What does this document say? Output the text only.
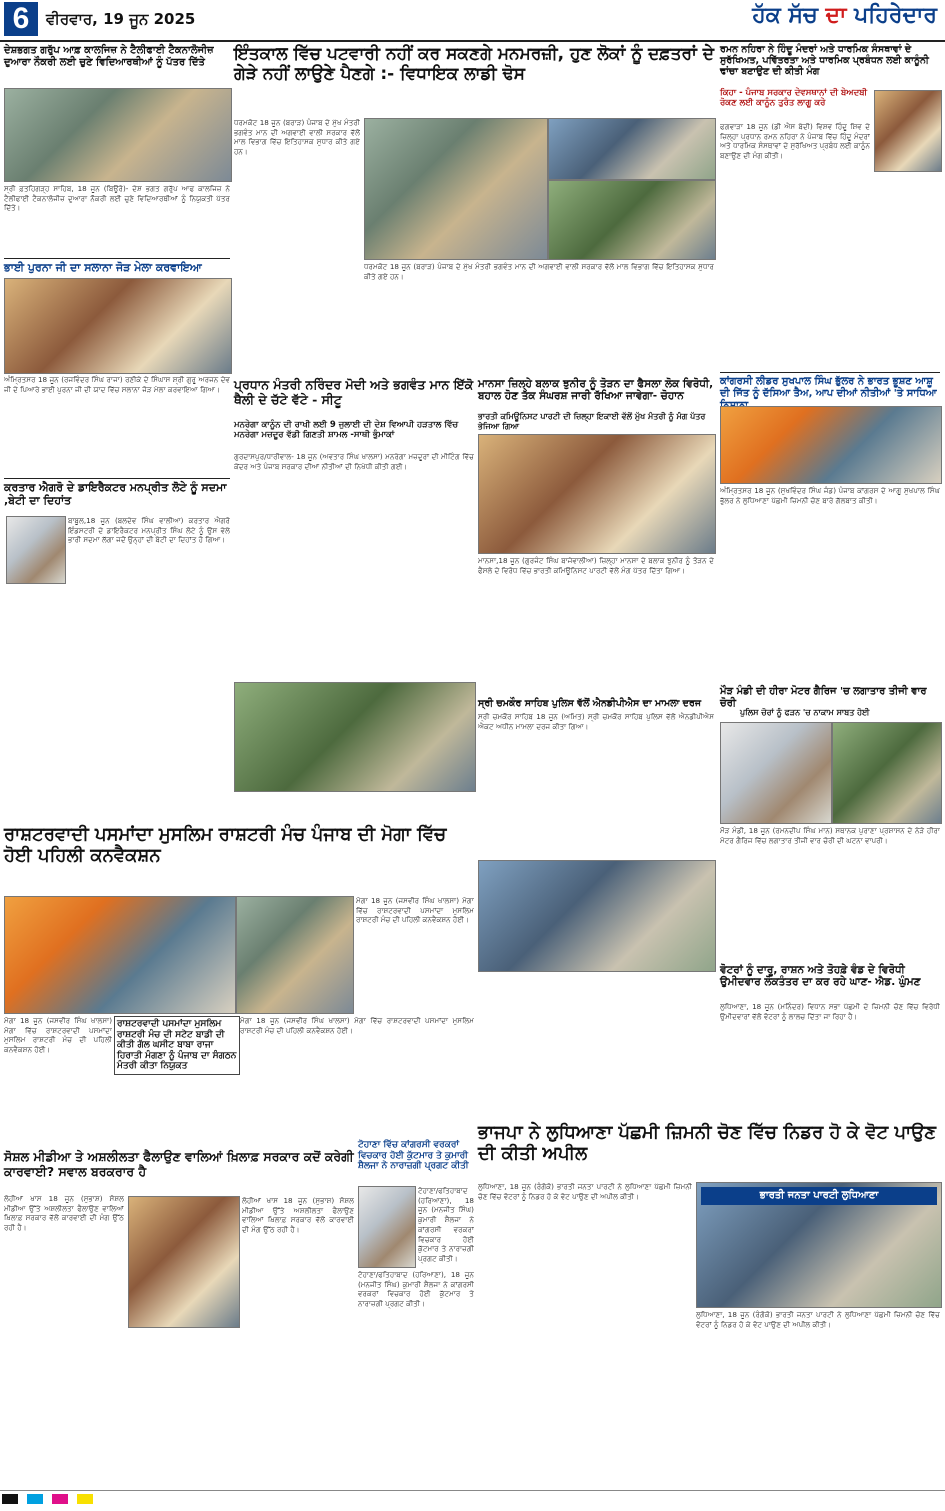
6	ਵੀਰਵਾਰ, 19 ਜੂਨ 2025	ਹੱਕ ਸੱਚ ਦਾ ਪਹਿਰੇਦਾਰ
ਦੇਸ਼ਭਗਤ ਗਰੁੱਪ ਆਫ਼ ਕਾਲਜਿਜ਼ ਨੇ ਟੈਲੀਫਾਈ ਟੈਕਨਾਲੋਜੀਜ਼ ਦੁਆਰਾ ਨੌਕਰੀ ਲਈ ਚੁਣੇ ਵਿਦਿਆਰਥੀਆਂ ਨੂੰ ਪੱਤਰ ਦਿੱਤੇ
ਸ੍ਰੀ ਫ਼ਤਹਿਗੜ੍ਹ ਸਾਹਿਬ, 18 ਜੂਨ (ਬਿਊਰੋ)- ਦੇਸ਼ ਭਗਤ ਗਰੁੱਪ ਆਫ ਕਾਲਜਿਜ਼ ਨੇ ਟੈਲੀਫਾਈ ਟੈਕਨਾਲੋਜੀਜ਼ ਦੁਆਰਾ ਨੌਕਰੀ ਲਈ ਚੁਣੇ ਵਿਦਿਆਰਥੀਆਂ ਨੂੰ ਨਿਯੁਕਤੀ ਪੱਤਰ ਦਿੱਤੇ।
ਭਾਈ ਪੁਰਨਾ ਜੀ ਦਾ ਸਲਾਨਾ ਜੋੜ ਮੇਲਾ ਕਰਵਾਇਆ
ਅੰਮ੍ਰਿਤਸਰ 18 ਜੂਨ (ਰਜਵਿੰਦਰ ਸਿੰਘ ਰਾਜਾ) ਰਣੀਕੇ ਦੇ ਸਿੰਘਾਸ ਸ਼੍ਰੀ ਗੁਰੂ ਅਰਜਨ ਦੇਵ ਜੀ ਦੇ ਪਿਆਰੇ ਭਾਈ ਪੁਰਨਾ ਜੀ ਦੀ ਯਾਦ ਵਿੱਚ ਸਲਾਨਾ ਜੋੜ ਮੇਲਾ ਕਰਵਾਇਆ ਗਿਆ।
ਕਰਤਾਰ ਐਗਰੋ ਦੇ ਡਾਇਰੈਕਟਰ ਮਨਪ੍ਰੀਤ ਲੋਟੇ ਨੂੰ ਸਦਮਾ ,ਬੇਟੀ ਦਾ ਦਿਹਾਂਤ
ਬਾਬੂਲ,18 ਜੂਨ (ਬਲਦੇਵ ਸਿੰਘ ਵਾਲੀਆ) ਕਰਤਾਰ ਐਗਰੋ ਇੰਡਸਟਰੀ ਦੇ ਡਾਇਰੈਕਟਰ ਮਨਪ੍ਰੀਤ ਸਿੰਘ ਲੋਟੇ ਨੂੰ ਉਸ ਵੇਲੇ ਭਾਰੀ ਸਦਮਾ ਲੱਗਾ ਜਦੋਂ ਉਨ੍ਹਾਂ ਦੀ ਬੇਟੀ ਦਾ ਦਿਹਾਂਤ ਹੋ ਗਿਆ।
ਇੰਤਕਾਲ ਵਿੱਚ ਪਟਵਾਰੀ ਨਹੀਂ ਕਰ ਸਕਣਗੇ ਮਨਮਰਜ਼ੀ, ਹੁਣ ਲੋਕਾਂ ਨੂੰ ਦਫ਼ਤਰਾਂ ਦੇ ਗੇੜੇ ਨਹੀਂ ਲਾਉਣੇ ਪੈਣਗੇ :- ਵਿਧਾਇਕ ਲਾਡੀ ਢੋਸ
ਧਰਮਕੋਟ 18 ਜੂਨ (ਬਰਾੜ) ਪੰਜਾਬ ਦੇ ਮੁੱਖ ਮੰਤਰੀ ਭਗਵੰਤ ਮਾਨ ਦੀ ਅਗਵਾਈ ਵਾਲੀ ਸਰਕਾਰ ਵੱਲੋਂ ਮਾਲ ਵਿਭਾਗ ਵਿੱਚ ਇਤਿਹਾਸਕ ਸੁਧਾਰ ਕੀਤੇ ਗਏ ਹਨ।
ਧਰਮਕੋਟ 18 ਜੂਨ (ਬਰਾੜ) ਪੰਜਾਬ ਦੇ ਮੁੱਖ ਮੰਤਰੀ ਭਗਵੰਤ ਮਾਨ ਦੀ ਅਗਵਾਈ ਵਾਲੀ ਸਰਕਾਰ ਵੱਲੋਂ ਮਾਲ ਵਿਭਾਗ ਵਿੱਚ ਇਤਿਹਾਸਕ ਸੁਧਾਰ ਕੀਤੇ ਗਏ ਹਨ।
ਰਮਨ ਨਹਿਰਾ ਨੇ ਹਿੰਦੂ ਮੰਦਰਾਂ ਅਤੇ ਧਾਰਮਿਕ ਸੰਸਥਾਵਾਂ ਦੇ ਸੁਰੱਖਿਅਤ, ਪਵਿੱਤਰਤਾ ਅਤੇ ਧਾਰਮਿਕ ਪ੍ਰਬੰਧਨ ਲਈ ਕਾਨੂੰਨੀ ਢਾਂਚਾ ਬਣਾਉਣ ਦੀ ਕੀਤੀ ਮੰਗ
ਕਿਹਾ - ਪੰਜਾਬ ਸਰਕਾਰ ਦੇਵਸਥਾਨਾਂ ਦੀ ਬੇਅਦਬੀ ਰੋਕਣ ਲਈ ਕਾਨੂੰਨ ਤੁਰੰਤ ਲਾਗੂ ਕਰੇ
ਫਗਵਾੜਾ 18 ਜੂਨ (ਡੀ ਐਸ ਬੇਦੀ) ਵਿਸ਼ਵ ਹਿੰਦੂ ਸ਼ਿਵ ਦੇ ਜ਼ਿਲ੍ਹਾ ਪ੍ਰਧਾਨ ਰਮਨ ਨਹਿਰਾ ਨੇ ਪੰਜਾਬ ਵਿੱਚ ਹਿੰਦੂ ਮੰਦਰਾਂ ਅਤੇ ਧਾਰਮਿਕ ਸੰਸਥਾਵਾਂ ਦੇ ਸੁਰੱਖਿਅਤ ਪ੍ਰਬੰਧ ਲਈ ਕਾਨੂੰਨ ਬਣਾਉਣ ਦੀ ਮੰਗ ਕੀਤੀ।
ਕਾਂਗਰਸੀ ਲੀਡਰ ਸੁਖਪਾਲ ਸਿੰਘ ਭੁੱਲਰ ਨੇ ਭਾਰਤ ਭੂਸ਼ਣ ਆਸ਼ੂ ਦੀ ਜਿੱਤ ਨੂੰ ਦੱਸਿਆ ਤੈਅ, ਆਪ ਦੀਆਂ ਨੀਤੀਆਂ 'ਤੇ ਸਾਧਿਆ
ਅੰਮ੍ਰਿਤਸਰ 18 ਜੂਨ (ਸੁਖਵਿੰਦਰ ਸਿੰਘ ਜੰਡ) ਪੰਜਾਬ ਕਾਂਗਰਸ ਦੇ ਆਗੂ ਸੁਖਪਾਲ ਸਿੰਘ ਭੁੱਲਰ ਨੇ ਲੁਧਿਆਣਾ ਪੱਛਮੀ ਜ਼ਿਮਨੀ ਚੋਣ ਬਾਰੇ ਗੱਲਬਾਤ ਕੀਤੀ।
ਮੌੜ ਮੰਡੀ ਦੀ ਹੀਰਾ ਮੋਟਰ ਗੈਰਿਜ 'ਚ ਲਗਾਤਾਰ ਤੀਜੀ ਵਾਰ ਚੋਰੀ
ਪੁਲਿਸ ਚੋਰਾਂ ਨੂੰ ਫੜਨ 'ਚ ਨਾਕਾਮ ਸਾਬਤ ਹੋਈ
ਮੌੜ ਮੰਡੀ, 18 ਜੂਨ (ਰਮਨਦੀਪ ਸਿੰਘ ਮਾਨ) ਸਥਾਨਕ ਪੁਰਾਣਾ ਪ੍ਰਸ਼ਾਸਨ ਦੇ ਨੇੜੇ ਹੀਰਾ ਮੋਟਰ ਗੈਰਿਜ ਵਿੱਚ ਲਗਾਤਾਰ ਤੀਜੀ ਵਾਰ ਚੋਰੀ ਦੀ ਘਟਨਾ ਵਾਪਰੀ।
ਪ੍ਰਧਾਨ ਮੰਤਰੀ ਨਰਿੰਦਰ ਮੋਦੀ ਅਤੇ ਭਗਵੰਤ ਮਾਨ ਇੱਕੋ ਥੈਲੀ ਦੇ ਚੱਟੇ ਵੱਟੇ - ਸੀਟੂ
ਮਨਰੇਗਾ ਕਾਨੂੰਨ ਦੀ ਰਾਖੀ ਲਈ 9 ਜੁਲਾਈ ਦੀ ਦੇਸ਼ ਵਿਆਪੀ ਹੜਤਾਲ ਵਿੱਚ ਮਨਰੇਗਾ ਮਜ਼ਦੂਰ ਵੱਡੀ ਗਿਣਤੀ ਸ਼ਾਮਲ -ਸਾਥੀ ਭੁੰਮਾਕਾਂ
ਗੁਰਦਾਸਪੁਰ/ਧਾਰੀਵਾਲ- 18 ਜੂਨ (ਅਵਤਾਰ ਸਿੰਘ ਖਾਲਸਾ) ਮਨਰੇਗਾ ਮਜ਼ਦੂਰਾਂ ਦੀ ਮੀਟਿੰਗ ਵਿੱਚ ਕੇਂਦਰ ਅਤੇ ਪੰਜਾਬ ਸਰਕਾਰ ਦੀਆਂ ਨੀਤੀਆਂ ਦੀ ਨਿਖੇਧੀ ਕੀਤੀ ਗਈ।
ਮਾਨਸਾ ਜ਼ਿਲ੍ਹੇ ਬਲਾਕ ਝੁਨੀਰ ਨੂੰ ਤੋੜਨ ਦਾ ਫੈਸਲਾ ਲੋਕ ਵਿਰੋਧੀ, ਬਹਾਲ ਹੋਣ ਤੱਕ ਸੰਘਰਸ਼ ਜਾਰੀ ਰੱਖਿਆ ਜਾਵੇਗਾ- ਚੋਹਾਨ
ਭਾਰਤੀ ਕਮਿਊਨਿਸਟ ਪਾਰਟੀ ਦੀ ਜ਼ਿਲ੍ਹਾ ਇਕਾਈ ਵੱਲੋਂ ਮੁੱਖ ਮੰਤਰੀ ਨੂੰ ਮੰਗ ਪੱਤਰ ਭੇਜਿਆ ਗਿਆ
ਮਾਨਸਾ,18 ਜੂਨ (ਗੁਰਜੰਟ ਸਿੰਘ ਬਾਜੇਵਾਲੀਆ) ਜ਼ਿਲ੍ਹਾ ਮਾਨਸਾ ਦੇ ਬਲਾਕ ਝੁਨੀਰ ਨੂੰ ਤੋੜਨ ਦੇ ਫੈਸਲੇ ਦੇ ਵਿਰੋਧ ਵਿੱਚ ਭਾਰਤੀ ਕਮਿਊਨਿਸਟ ਪਾਰਟੀ ਵੱਲੋਂ ਮੰਗ ਪੱਤਰ ਦਿੱਤਾ ਗਿਆ।
ਸ੍ਰੀ ਚਮਕੌਰ ਸਾਹਿਬ ਪੁਲਿਸ ਵੱਲੋਂ ਐਨਡੀਪੀਐਸ ਦਾ ਮਾਮਲਾ ਦਰਜ
ਸ੍ਰੀ ਚਮਕੌਰ ਸਾਹਿਬ 18 ਜੂਨ (ਅਮਿਤ) ਸ੍ਰੀ ਚਮਕੌਰ ਸਾਹਿਬ ਪੁਲਿਸ ਵੱਲੋਂ ਐਨਡੀਪੀਐਸ ਐਕਟ ਅਧੀਨ ਮਾਮਲਾ ਦਰਜ ਕੀਤਾ ਗਿਆ।
ਰਾਸ਼ਟਰਵਾਦੀ ਪਸਮਾਂਦਾ ਮੁਸਲਿਮ ਰਾਸ਼ਟਰੀ ਮੰਚ ਪੰਜਾਬ ਦੀ ਮੋਗਾ ਵਿੱਚ ਹੋਈ ਪਹਿਲੀ ਕਨਵੈਕਸ਼ਨ
ਮੋਗਾ 18 ਜੂਨ (ਜਸਵੀਰ ਸਿੰਘ ਖਾਲਸਾ) ਮੋਗਾ ਵਿੱਚ ਰਾਸ਼ਟਰਵਾਦੀ ਪਸਮਾਂਦਾ ਮੁਸਲਿਮ ਰਾਸ਼ਟਰੀ ਮੰਚ ਦੀ ਪਹਿਲੀ ਕਨਵੈਕਸ਼ਨ ਹੋਈ।
ਮੋਗਾ 18 ਜੂਨ (ਜਸਵੀਰ ਸਿੰਘ ਖਾਲਸਾ) ਮੋਗਾ ਵਿੱਚ ਰਾਸ਼ਟਰਵਾਦੀ ਪਸਮਾਂਦਾ ਮੁਸਲਿਮ ਰਾਸ਼ਟਰੀ ਮੰਚ ਦੀ ਪਹਿਲੀ ਕਨਵੈਕਸ਼ਨ ਹੋਈ।
ਰਾਸ਼ਟਰਵਾਦੀ ਪਸਮਾਂਦਾ ਮੁਸਲਿਮ ਰਾਸ਼ਟਰੀ ਮੰਚ ਦੀ ਸਟੇਟ ਬਾਡੀ ਦੀ ਕੀਤੀ ਗੱਲ ਘਸੀਟ ਬਾਬਾ ਰਾਜਾ ਹਿਰਾਤੀ ਮੰਗਣਾ ਨੂੰ ਪੰਜਾਬ ਦਾ ਸੰਗਠਨ ਮੰਤਰੀ ਕੀਤਾ ਨਿਯੁਕਤ
ਮੋਗਾ 18 ਜੂਨ (ਜਸਵੀਰ ਸਿੰਘ ਖਾਲਸਾ) ਮੋਗਾ ਵਿੱਚ ਰਾਸ਼ਟਰਵਾਦੀ ਪਸਮਾਂਦਾ ਮੁਸਲਿਮ ਰਾਸ਼ਟਰੀ ਮੰਚ ਦੀ ਪਹਿਲੀ ਕਨਵੈਕਸ਼ਨ ਹੋਈ।
ਵੋਟਰਾਂ ਨੂੰ ਦਾਰੂ, ਰਾਸ਼ਨ ਅਤੇ ਤੋਹਫ਼ੇ ਵੰਡ ਦੇ ਵਿਰੋਧੀ ਉਮੀਦਵਾਰ ਲੋਕਤੰਤਰ ਦਾ ਕਰ ਰਹੇ ਘਾਣ- ਐਡ. ਘੁੰਮਣ
ਲੁਧਿਆਣਾ, 18 ਜੂਨ (ਮਨਿੰਦਰ) ਵਿਧਾਨ ਸਭਾ ਪੱਛਮੀ ਦੇ ਜ਼ਿਮਨੀ ਚੋਣ ਵਿੱਚ ਵਿਰੋਧੀ ਉਮੀਦਵਾਰਾਂ ਵੱਲੋਂ ਵੋਟਰਾਂ ਨੂੰ ਲਾਲਚ ਦਿੱਤਾ ਜਾ ਰਿਹਾ ਹੈ।
ਸੋਸ਼ਲ ਮੀਡੀਆ ਤੇ ਅਸ਼ਲੀਲਤਾ ਫੈਲਾਉਣ ਵਾਲਿਆਂ ਖ਼ਿਲਾਫ਼ ਸਰਕਾਰ ਕਦੋਂ ਕਰੇਗੀ ਕਾਰਵਾਈ? ਸਵਾਲ ਬਰਕਰਾਰ ਹੈ
ਲੋਹੀਆਂ ਖਾਸ 18 ਜੂਨ (ਸੁਭਾਸ਼) ਸੋਸ਼ਲ ਮੀਡੀਆ ਉੱਤੇ ਅਸ਼ਲੀਲਤਾ ਫੈਲਾਉਣ ਵਾਲਿਆਂ ਖ਼ਿਲਾਫ਼ ਸਰਕਾਰ ਵੱਲੋਂ ਕਾਰਵਾਈ ਦੀ ਮੰਗ ਉੱਠ ਰਹੀ ਹੈ।
ਲੋਹੀਆਂ ਖਾਸ 18 ਜੂਨ (ਸੁਭਾਸ਼) ਸੋਸ਼ਲ ਮੀਡੀਆ ਉੱਤੇ ਅਸ਼ਲੀਲਤਾ ਫੈਲਾਉਣ ਵਾਲਿਆਂ ਖ਼ਿਲਾਫ਼ ਸਰਕਾਰ ਵੱਲੋਂ ਕਾਰਵਾਈ ਦੀ ਮੰਗ ਉੱਠ ਰਹੀ ਹੈ।
ਟੋਹਾਣਾ ਵਿੱਚ ਕਾਂਗਰਸੀ ਵਰਕਰਾਂ ਵਿਚਕਾਰ ਹੋਈ ਕੁੱਟਮਾਰ ਤੇ ਕੁਮਾਰੀ ਸ਼ੈਲਜਾ ਨੇ ਨਾਰਾਜ਼ਗੀ ਪ੍ਰਗਟ ਕੀਤੀ
ਟੋਹਾਣਾ/ਫਤਿਹਾਬਾਦ (ਹਰਿਆਣਾ), 18 ਜੂਨ (ਮਨਜੀਤ ਸਿੰਘ) ਕੁਮਾਰੀ ਸ਼ੈਲਜਾ ਨੇ ਕਾਂਗਰਸੀ ਵਰਕਰਾਂ ਵਿਚਕਾਰ ਹੋਈ ਕੁੱਟਮਾਰ ਤੇ ਨਾਰਾਜ਼ਗੀ ਪ੍ਰਗਟ ਕੀਤੀ।
ਟੋਹਾਣਾ/ਫਤਿਹਾਬਾਦ (ਹਰਿਆਣਾ), 18 ਜੂਨ (ਮਨਜੀਤ ਸਿੰਘ) ਕੁਮਾਰੀ ਸ਼ੈਲਜਾ ਨੇ ਕਾਂਗਰਸੀ ਵਰਕਰਾਂ ਵਿਚਕਾਰ ਹੋਈ ਕੁੱਟਮਾਰ ਤੇ ਨਾਰਾਜ਼ਗੀ ਪ੍ਰਗਟ ਕੀਤੀ।
ਭਾਜਪਾ ਨੇ ਲੁਧਿਆਣਾ ਪੱਛਮੀ ਜ਼ਿਮਨੀ ਚੋਣ ਵਿੱਚ ਨਿਡਰ ਹੋ ਕੇ ਵੋਟ ਪਾਉਣ ਦੀ ਕੀਤੀ ਅਪੀਲ
ਲੁਧਿਆਣਾ, 18 ਜੂਨ (ਰੰਗੋਕੋ) ਭਾਰਤੀ ਜਨਤਾ ਪਾਰਟੀ ਨੇ ਲੁਧਿਆਣਾ ਪੱਛਮੀ ਜ਼ਿਮਨੀ ਚੋਣ ਵਿੱਚ ਵੋਟਰਾਂ ਨੂੰ ਨਿਡਰ ਹੋ ਕੇ ਵੋਟ ਪਾਉਣ ਦੀ ਅਪੀਲ ਕੀਤੀ।	ਭਾਰਤੀ ਜਨਤਾ ਪਾਰਟੀ ਲੁਧਿਆਣਾ
ਲੁਧਿਆਣਾ, 18 ਜੂਨ (ਰੰਗੋਕੋ) ਭਾਰਤੀ ਜਨਤਾ ਪਾਰਟੀ ਨੇ ਲੁਧਿਆਣਾ ਪੱਛਮੀ ਜ਼ਿਮਨੀ ਚੋਣ ਵਿੱਚ ਵੋਟਰਾਂ ਨੂੰ ਨਿਡਰ ਹੋ ਕੇ ਵੋਟ ਪਾਉਣ ਦੀ ਅਪੀਲ ਕੀਤੀ।
